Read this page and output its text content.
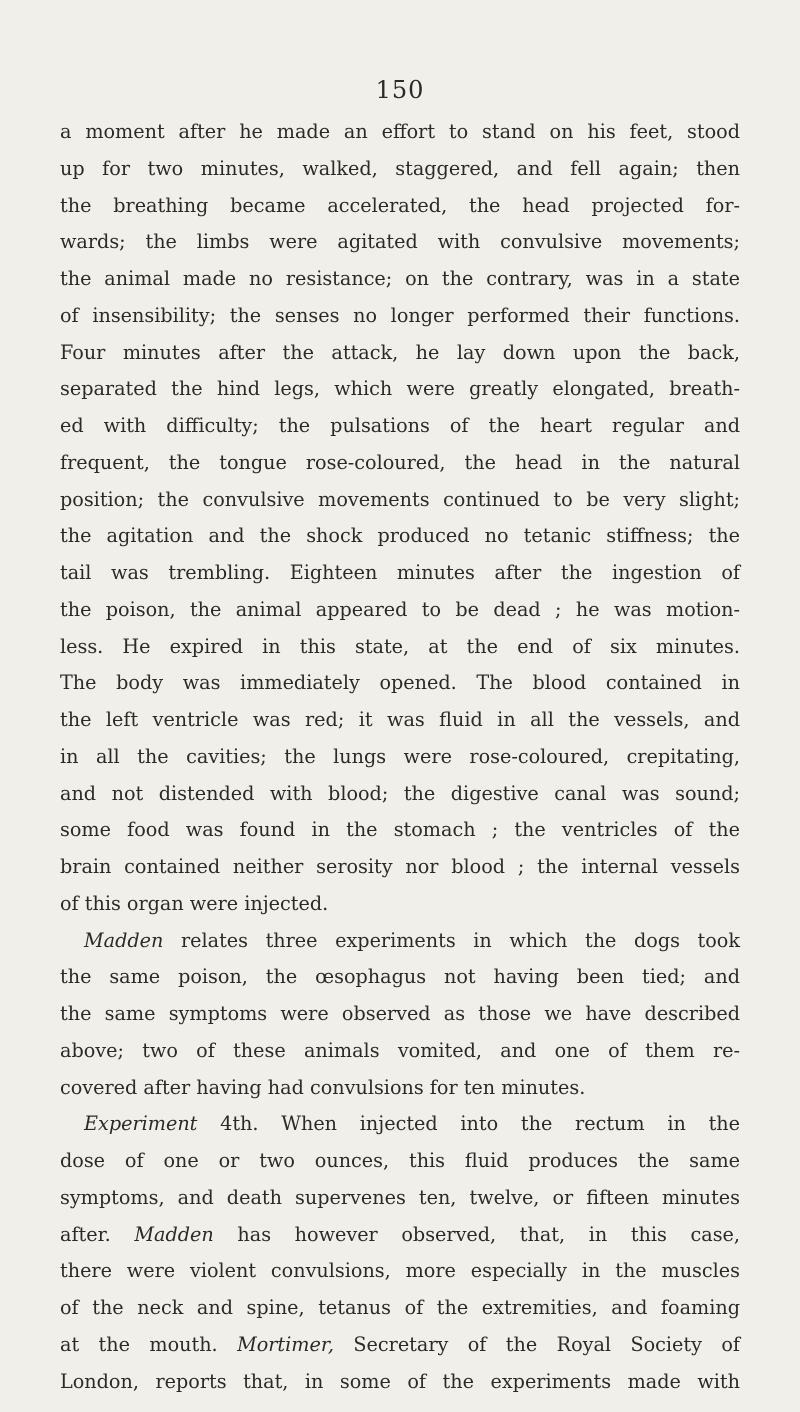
150
a moment after he made an effort to stand on his feet, stood
up for two minutes, walked, staggered, and fell again; then
the breathing became accelerated, the head projected for-
wards; the limbs were agitated with convulsive movements;
the animal made no resistance; on the contrary, was in a state
of insensibility; the senses no longer performed their functions.
Four minutes after the attack, he lay down upon the back,
separated the hind legs, which were greatly elongated, breath-
ed with difficulty; the pulsations of the heart regular and
frequent, the tongue rose-coloured, the head in the natural
position; the convulsive movements continued to be very slight;
the agitation and the shock produced no tetanic stiffness; the
tail was trembling. Eighteen minutes after the ingestion of
the poison, the animal appeared to be dead ; he was motion-
less. He expired in this state, at the end of six minutes.
The body was immediately opened. The blood contained in
the left ventricle was red; it was fluid in all the vessels, and
in all the cavities; the lungs were rose-coloured, crepitating,
and not distended with blood; the digestive canal was sound;
some food was found in the stomach ; the ventricles of the
brain contained neither serosity nor blood ; the internal vessels
of this organ were injected.
Madden relates three experiments in which the dogs took
the same poison, the œsophagus not having been tied; and
the same symptoms were observed as those we have described
above; two of these animals vomited, and one of them re-
covered after having had convulsions for ten minutes.
Experiment 4th. When injected into the rectum in the
dose of one or two ounces, this fluid produces the same
symptoms, and death supervenes ten, twelve, or fifteen minutes
after. Madden has however observed, that, in this case,
there were violent convulsions, more especially in the muscles
of the neck and spine, tetanus of the extremities, and foaming
at the mouth. Mortimer, Secretary of the Royal Society of
London, reports that, in some of the experiments made with
